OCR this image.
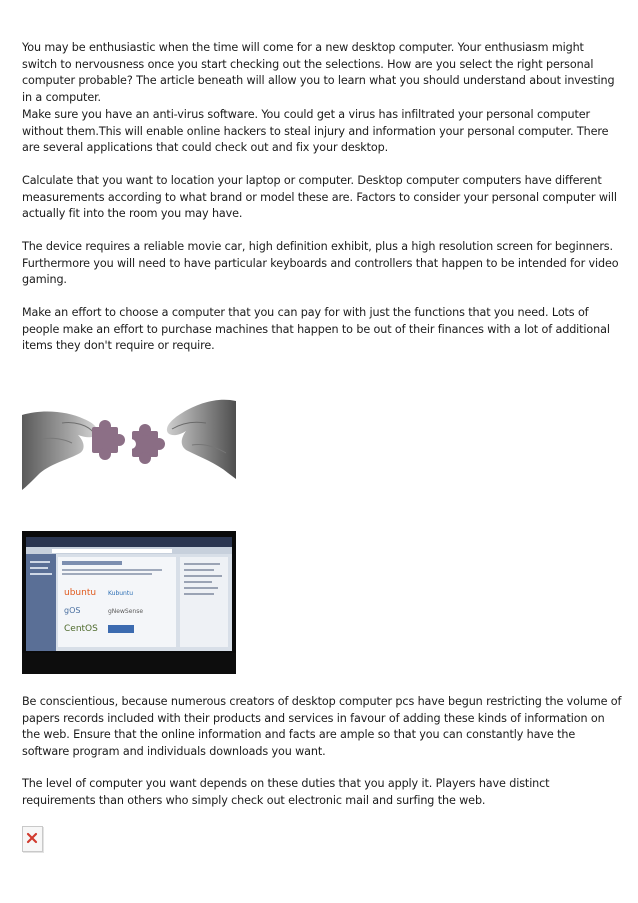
You may be enthusiastic when the time will come for a new desktop computer. Your enthusiasm might switch to nervousness once you start checking out the selections. How are you select the right personal computer probable? The article beneath will allow you to learn what you should understand about investing in a computer.

Make sure you have an anti-virus software. You could get a virus has infiltrated your personal computer without them.This will enable online hackers to steal injury and information your personal computer. There are several applications that could check out and fix your desktop.

Calculate that you want to location your laptop or computer. Desktop computer computers have different measurements according to what brand or model these are. Factors to consider your personal computer will actually fit into the room you may have.

The device requires a reliable movie car, high definition exhibit, plus a high resolution screen for beginners. Furthermore you will need to have particular keyboards and controllers that happen to be intended for video gaming.

Make an effort to choose a computer that you can pay for with just the functions that you need. Lots of people make an effort to purchase machines that happen to be out of their finances with a lot of additional items they don't require or require.

ubuntu Kubuntu
gOS	gNewSense
CentOS

Be conscientious, because numerous creators of desktop computer pcs have begun restricting the volume of papers records included with their products and services in favour of adding these kinds of information on the web. Ensure that the online information and facts are ample so that you can constantly have the software program and individuals downloads you want.

The level of computer you want depends on these duties that you apply it. Players have distinct requirements than others who simply check out electronic mail and surfing the web.
